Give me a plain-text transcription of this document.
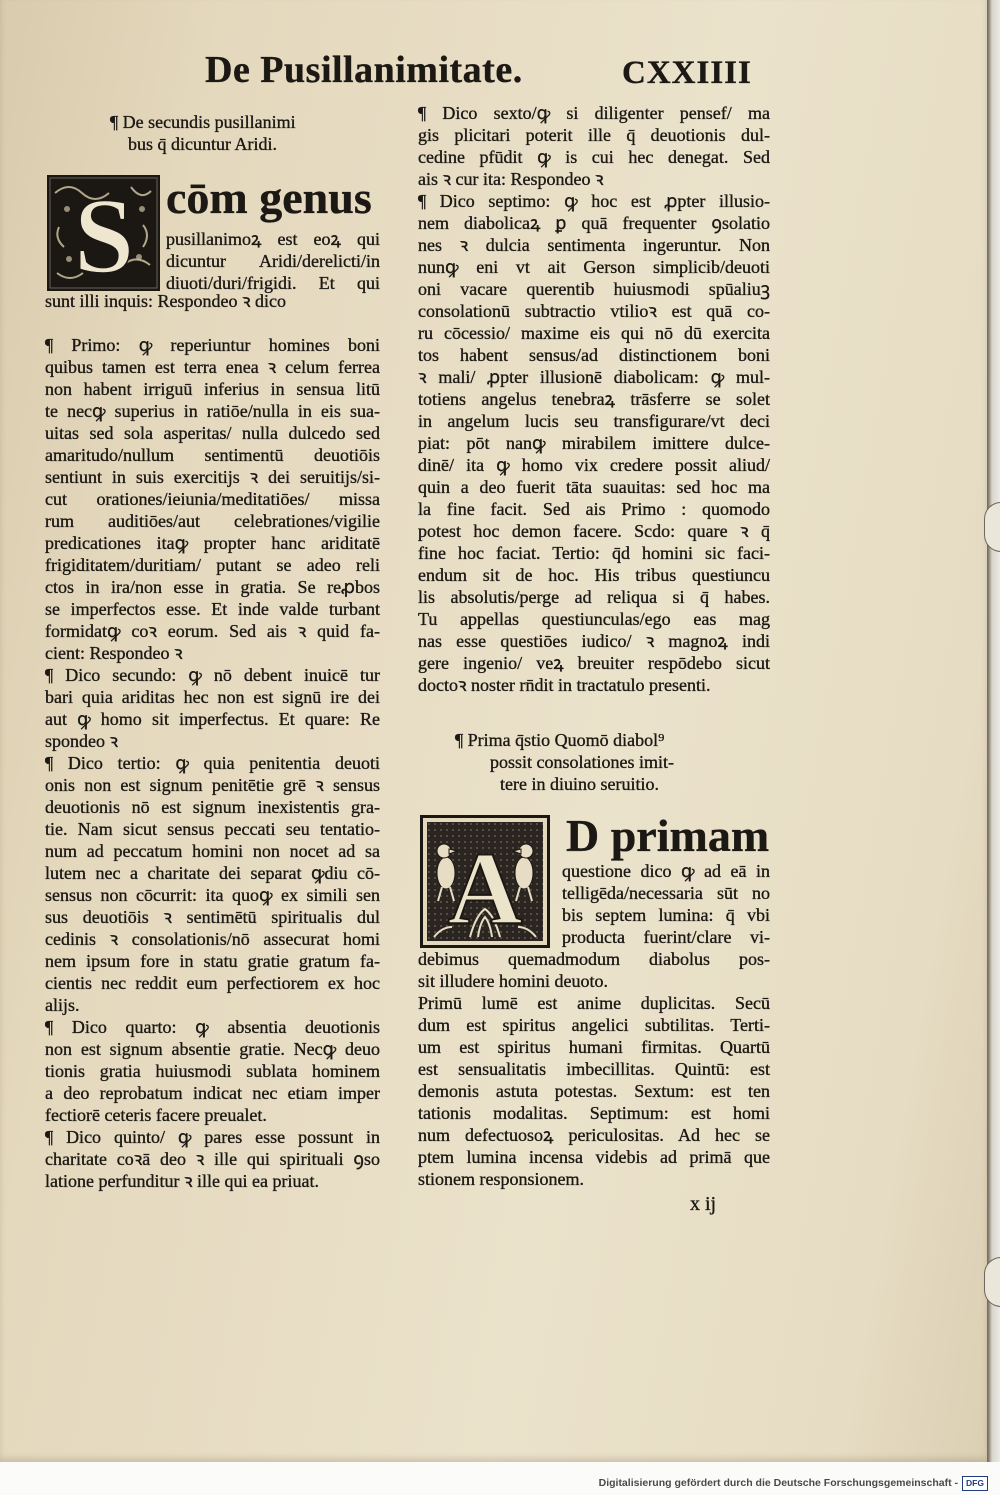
De Pusillanimitate.	CXXIIII
¶ De secundis pusillanimi
bus q̄ dicuntur Aridi.
S cōm genus
pusillanimoꝝ est eoꝝ qui
dicuntur Aridi/derelicti/in
diuoti/duri/frigidi. Et qui
sunt illi inquis: Respondeo ꝛ dico
¶ Primo: ꝙ reperiuntur homines boni
quibus tamen est terra enea ꝛ celum ferrea
non habent irriguū inferius in sensua litū
te necꝙ superius in ratiōe/nulla in eis sua-
uitas sed sola asperitas/ nulla dulcedo sed
amaritudo/nullum sentimentū deuotiōis
sentiunt in suis exercitijs ꝛ dei seruitijs/si-
cut orationes/ieiunia/meditatiōes/ missa
rum auditiōes/aut celebrationes/vigilie
predicationes itaꝙ propter hanc ariditatē
frigiditatem/duritiam/ putant se adeo reli
ctos in ira/non esse in gratia. Se reꝓbos
se imperfectos esse. Et inde valde turbant
formidatꝙ coꝛ eorum. Sed ais ꝛ quid fa-
cient: Respondeo ꝛ
¶ Dico secundo: ꝙ nō debent inuicē tur
bari quia ariditas hec non est signū ire dei
aut ꝙ homo sit imperfectus. Et quare: Re
spondeo ꝛ
¶ Dico tertio: ꝙ quia penitentia deuoti
onis non est signum penitētie grē ꝛ sensus
deuotionis nō est signum inexistentis gra-
tie. Nam sicut sensus peccati seu tentatio-
num ad peccatum homini non nocet ad sa
lutem nec a charitate dei separat ꝙdiu cō-
sensus non cōcurrit: ita quoꝙ ex simili sen
sus deuotiōis ꝛ sentimētū spiritualis dul
cedinis ꝛ consolationis/nō assecurat homi
nem ipsum fore in statu gratie gratum fa-
cientis nec reddit eum perfectiorem ex hoc
alijs.
¶ Dico quarto: ꝙ absentia deuotionis
non est signum absentie gratie. Necꝙ deuo
tionis gratia huiusmodi sublata hominem
a deo reprobatum indicat nec etiam imper
fectiorē ceteris facere preualet.
¶ Dico quinto/ ꝙ pares esse possunt in
charitate coꝛā deo ꝛ ille qui spirituali ꝯso
latione perfunditur ꝛ ille qui ea priuat.
¶ Dico sexto/ꝙ si diligenter pensef/ ma
gis plicitari poterit ille q̄ deuotionis dul-
cedine pfūdit ꝙ is cui hec denegat. Sed
ais ꝛ cur ita: Respondeo ꝛ
¶ Dico septimo: ꝙ hoc est ꝓpter illusio-
nem diabolicaꝝ ꝑ quā frequenter ꝯsolatio
nes ꝛ dulcia sentimenta ingeruntur. Non
nunꝙ eni vt ait Gerson simplicib/deuoti
oni vacare querentib huiusmodi spūaliuꝫ
consolationū subtractio vtilioꝛ est quā co-
ru cōcessio/ maxime eis qui nō dū exercita
tos habent sensus/ad distinctionem boni
ꝛ mali/ ꝓpter illusionē diabolicam: ꝙ mul-
totiens angelus tenebraꝝ trāsferre se solet
in angelum lucis seu transfigurare/vt deci
piat: pōt nanꝙ mirabilem imittere dulce-
dinē/ ita ꝙ homo vix credere possit aliud/
quin a deo fuerit tāta suauitas: sed hoc ma
la fine facit. Sed ais Primo : quomodo
potest hoc demon facere. Scdo: quare ꝛ q̄
fine hoc faciat. Tertio: q̄d homini sic faci-
endum sit de hoc. His tribus questiuncu
lis absolutis/perge ad reliqua si q̄ habes.
Tu appellas questiunculas/ego eas mag
nas esse questiōes iudico/ ꝛ magnoꝝ indi
gere ingenio/ veꝝ breuiter respōdebo sicut
doctoꝛ noster rn̄dit in tractatulo presenti.
¶ Prima q̄stio Quomō diabol⁹
possit consolationes imit-
tere in diuino seruitio.
A D primam
questione dico ꝙ ad eā in
telligēda/necessaria sūt no
bis septem lumina: q̄ vbi
producta fuerint/clare vi-
debimus quemadmodum diabolus pos-
sit illudere homini deuoto.
Primū lumē est anime duplicitas. Secū
dum est spiritus angelici subtilitas. Terti-
um est spiritus humani firmitas. Quartū
est sensualitatis imbecillitas. Quintū: est
demonis astuta potestas. Sextum: est ten
tationis modalitas. Septimum: est homi
num defectuosoꝝ periculositas. Ad hec se
ptem lumina incensa videbis ad primā que
stionem responsionem.
x ij
Digitalisierung gefördert durch die Deutsche Forschungsgemeinschaft - DFG
